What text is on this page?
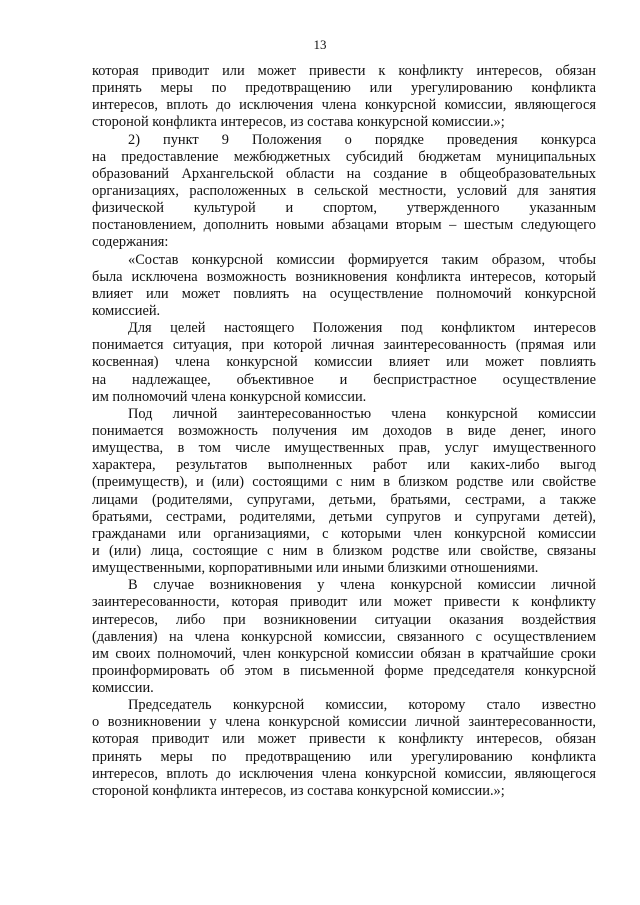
13
которая приводит или может привести к конфликту интересов, обязан
принять меры по предотвращению или урегулированию конфликта
интересов, вплоть до исключения члена конкурсной комиссии, являющегося
стороной конфликта интересов, из состава конкурсной комиссии.»;
2) пункт 9 Положения о порядке проведения конкурса
на предоставление межбюджетных субсидий бюджетам муниципальных
образований Архангельской области на создание в общеобразовательных
организациях, расположенных в сельской местности, условий для занятия
физической культурой и спортом, утвержденного указанным
постановлением, дополнить новыми абзацами вторым – шестым следующего
содержания:
«Состав конкурсной комиссии формируется таким образом, чтобы
была исключена возможность возникновения конфликта интересов, который
влияет или может повлиять на осуществление полномочий конкурсной
комиссией.
Для целей настоящего Положения под конфликтом интересов
понимается ситуация, при которой личная заинтересованность (прямая или
косвенная) члена конкурсной комиссии влияет или может повлиять
на надлежащее, объективное и беспристрастное осуществление
им полномочий члена конкурсной комиссии.
Под личной заинтересованностью члена конкурсной комиссии
понимается возможность получения им доходов в виде денег, иного
имущества, в том числе имущественных прав, услуг имущественного
характера, результатов выполненных работ или каких-либо выгод
(преимуществ), и (или) состоящими с ним в близком родстве или свойстве
лицами (родителями, супругами, детьми, братьями, сестрами, а также
братьями, сестрами, родителями, детьми супругов и супругами детей),
гражданами или организациями, с которыми член конкурсной комиссии
и (или) лица, состоящие с ним в близком родстве или свойстве, связаны
имущественными, корпоративными или иными близкими отношениями.
В случае возникновения у члена конкурсной комиссии личной
заинтересованности, которая приводит или может привести к конфликту
интересов, либо при возникновении ситуации оказания воздействия
(давления) на члена конкурсной комиссии, связанного с осуществлением
им своих полномочий, член конкурсной комиссии обязан в кратчайшие сроки
проинформировать об этом в письменной форме председателя конкурсной
комиссии.
Председатель конкурсной комиссии, которому стало известно
о возникновении у члена конкурсной комиссии личной заинтересованности,
которая приводит или может привести к конфликту интересов, обязан
принять меры по предотвращению или урегулированию конфликта
интересов, вплоть до исключения члена конкурсной комиссии, являющегося
стороной конфликта интересов, из состава конкурсной комиссии.»;
